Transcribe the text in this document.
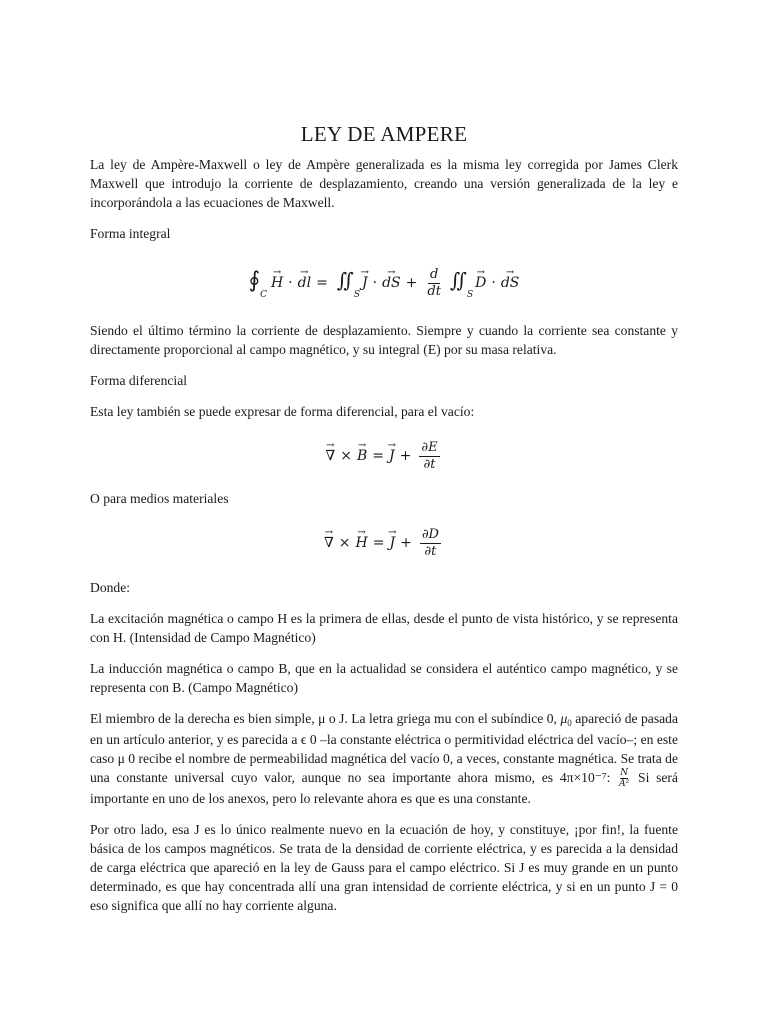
LEY DE AMPERE

La ley de Ampère-Maxwell o ley de Ampère generalizada es la misma ley corregida por James Clerk Maxwell que introdujo la corriente de desplazamiento, creando una versión generalizada de la ley e incorporándola a las ecuaciones de Maxwell.

Forma integral

$∮_C$
→ H · → dl = $∬_S$
→ J · → dS + $\frac{d}{dt}$ $∬_S$
→ D · → dS

Siendo el último término la corriente de desplazamiento. Siempre y cuando la corriente sea constante y directamente proporcional al campo magnético, y su integral (E) por su masa relativa.

Forma diferencial

Esta ley también se puede expresar de forma diferencial, para el vacío:

→ ∇ × → B = → $J + \frac{\partial E}{\partial t}$

O para medios materiales

→ ∇ × → H = → $J + \frac{\partial D}{\partial t}$

Donde:

La excitación magnética o campo H es la primera de ellas, desde el punto de vista histórico, y se representa con H. (Intensidad de Campo Magnético)

La inducción magnética o campo B, que en la actualidad se considera el auténtico campo magnético, y se representa con B. (Campo Magnético)

El miembro de la derecha es bien simple, μ o J. La letra griega mu con el subíndice 0, $\mu_0$ apareció de pasada en un artículo anterior, y es parecida a ϵ 0 –la constante eléctrica o permitividad eléctrica del vacío–; en este caso μ 0 recibe el nombre de permeabilidad magnética del vacío 0, a veces, constante magnética. Se trata de una constante universal cuyo valor, aunque no sea importante ahora mismo, es 4π×10⁻⁷: $\frac{N}{\text{A²}}$ Si será importante en uno de los anexos, pero lo relevante ahora es que es una constante.

Por otro lado, esa J es lo único realmente nuevo en la ecuación de hoy, y constituye, ¡por fin!, la fuente básica de los campos magnéticos. Se trata de la densidad de corriente eléctrica, y es parecida a la densidad de carga eléctrica que apareció en la ley de Gauss para el campo eléctrico. Si J es muy grande en un punto determinado, es que hay concentrada allí una gran intensidad de corriente eléctrica, y si en un punto J = 0 eso significa que allí no hay corriente alguna.
